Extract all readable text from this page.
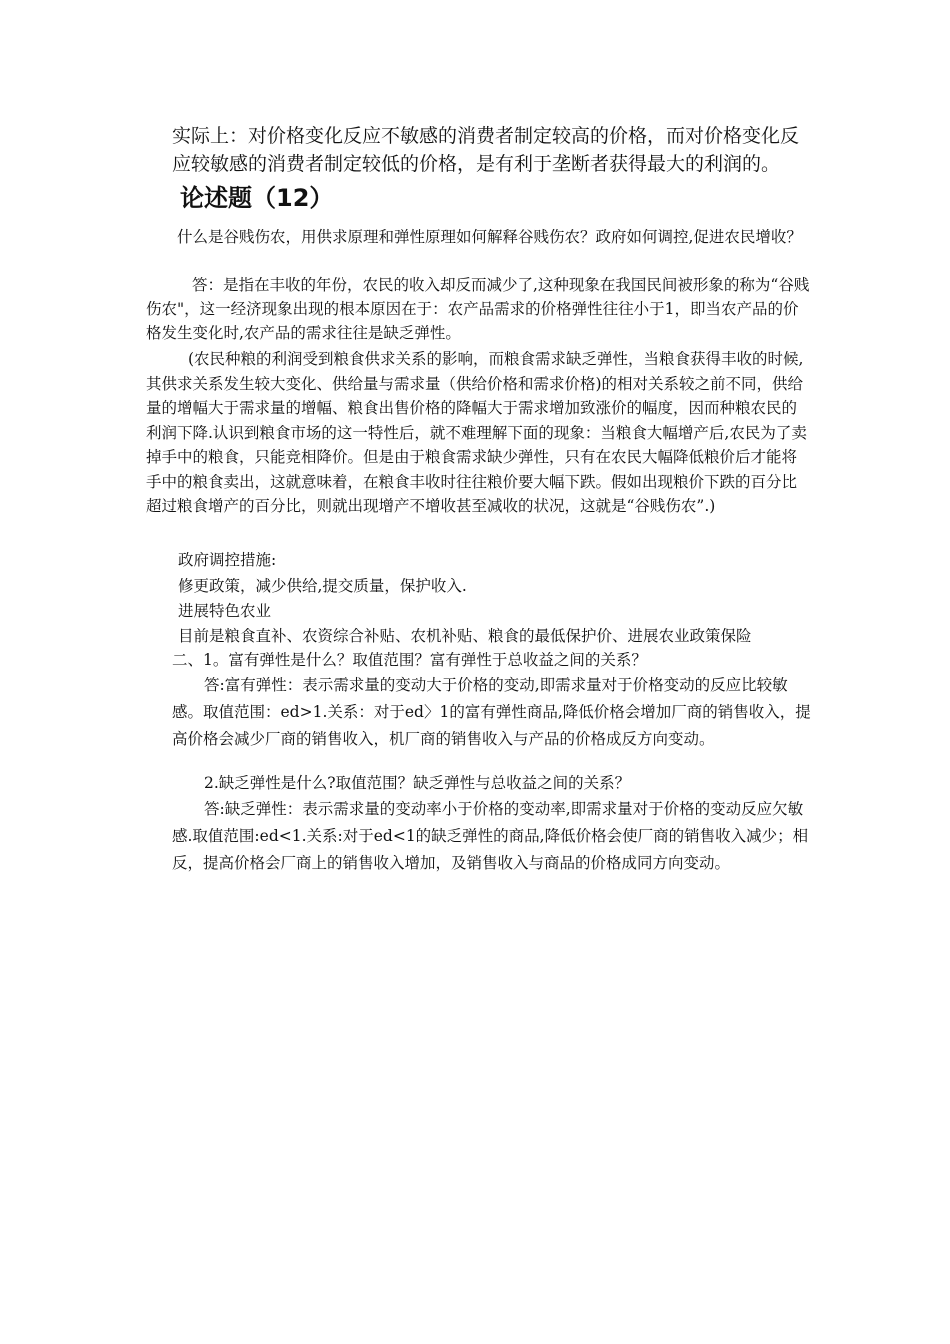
实际上：对价格变化反应不敏感的消费者制定较高的价格，而对价格变化反应较敏感的消费者制定较低的价格，是有利于垄断者获得最大的利润的。

论述题（12）

什么是谷贱伤农，用供求原理和弹性原理如何解释谷贱伤农？政府如何调控,促进农民增收？

答：是指在丰收的年份，农民的收入却反而减少了,这种现象在我国民间被形象的称为“谷贱伤农"，这一经济现象出现的根本原因在于：农产品需求的价格弹性往往小于1，即当农产品的价格发生变化时,农产品的需求往往是缺乏弹性。

(农民种粮的利润受到粮食供求关系的影响，而粮食需求缺乏弹性，当粮食获得丰收的时候,其供求关系发生较大变化、供给量与需求量（供给价格和需求价格)的相对关系较之前不同，供给量的增幅大于需求量的增幅、粮食出售价格的降幅大于需求增加致涨价的幅度，因而种粮农民的利润下降.认识到粮食市场的这一特性后，就不难理解下面的现象：当粮食大幅增产后,农民为了卖掉手中的粮食，只能竞相降价。但是由于粮食需求缺少弹性，只有在农民大幅降低粮价后才能将手中的粮食卖出，这就意味着，在粮食丰收时往往粮价要大幅下跌。假如出现粮价下跌的百分比超过粮食增产的百分比，则就出现增产不增收甚至减收的状况，这就是“谷贱伤农”.)

政府调控措施:

修更政策，减少供给,提交质量，保护收入.

进展特色农业

目前是粮食直补、农资综合补贴、农机补贴、粮食的最低保护价、进展农业政策保险

二、1。富有弹性是什么？取值范围？富有弹性于总收益之间的关系？

答:富有弹性：表示需求量的变动大于价格的变动,即需求量对于价格变动的反应比较敏感。取值范围：ed>1.关系：对于ed〉1的富有弹性商品,降低价格会增加厂商的销售收入，提高价格会减少厂商的销售收入，机厂商的销售收入与产品的价格成反方向变动。

2.缺乏弹性是什么?取值范围？缺乏弹性与总收益之间的关系？

答:缺乏弹性：表示需求量的变动率小于价格的变动率,即需求量对于价格的变动反应欠敏感.取值范围:ed<1.关系:对于ed<1的缺乏弹性的商品,降低价格会使厂商的销售收入减少；相反，提高价格会厂商上的销售收入增加，及销售收入与商品的价格成同方向变动。
